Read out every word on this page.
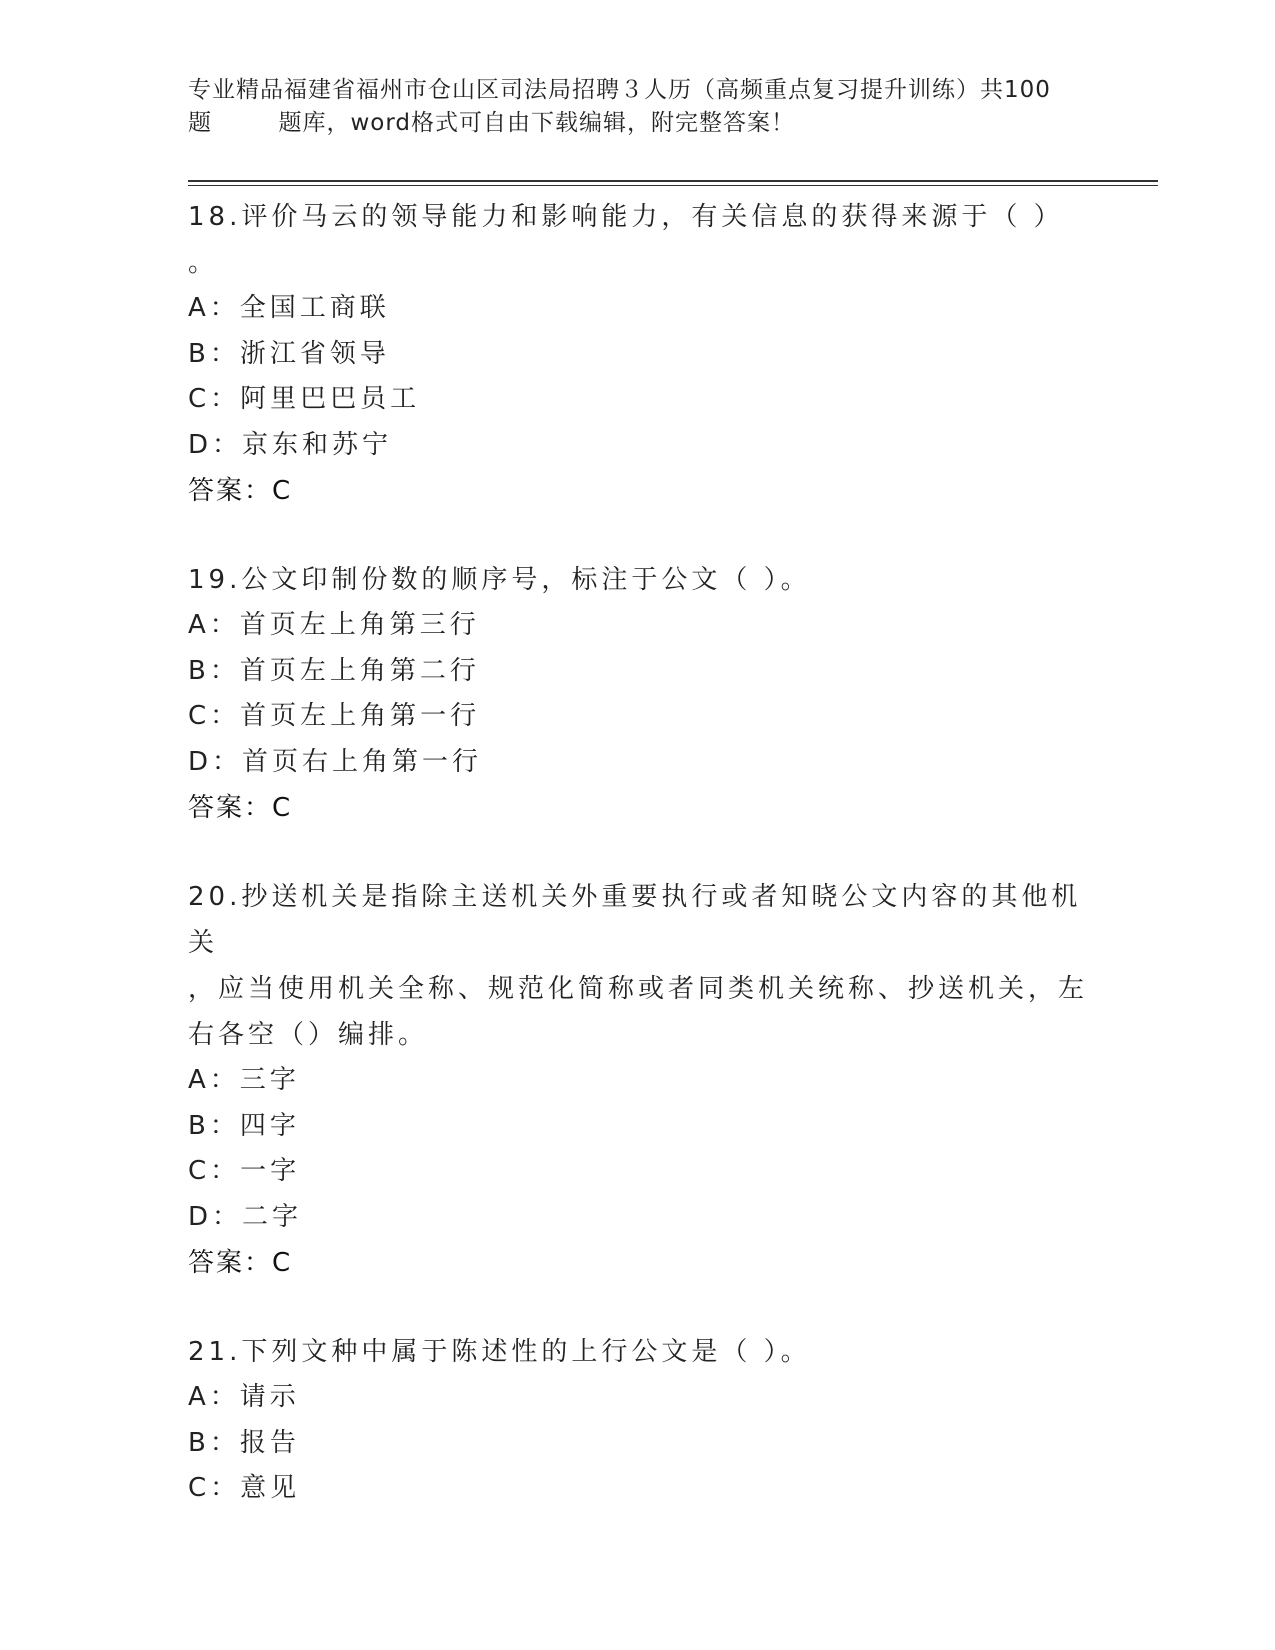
专业精品福建省福州市仓山区司法局招聘３人历（高频重点复习提升训练）共100
题        题库，word格式可自由下载编辑，附完整答案！

18.评价马云的领导能力和影响能力，有关信息的获得来源于（ ）

。

A：全国工商联

B：浙江省领导

C：阿里巴巴员工

D：京东和苏宁

答案：C

19.公文印制份数的顺序号，标注于公文（ ）。

A：首页左上角第三行

B：首页左上角第二行

C：首页左上角第一行

D：首页右上角第一行

答案：C

20.抄送机关是指除主送机关外重要执行或者知晓公文内容的其他机关

，应当使用机关全称、规范化简称或者同类机关统称、抄送机关，左

右各空（）编排。

A：三字

B：四字

C：一字

D：二字

答案：C

21.下列文种中属于陈述性的上行公文是（ ）。

A：请示

B：报告

C：意见
